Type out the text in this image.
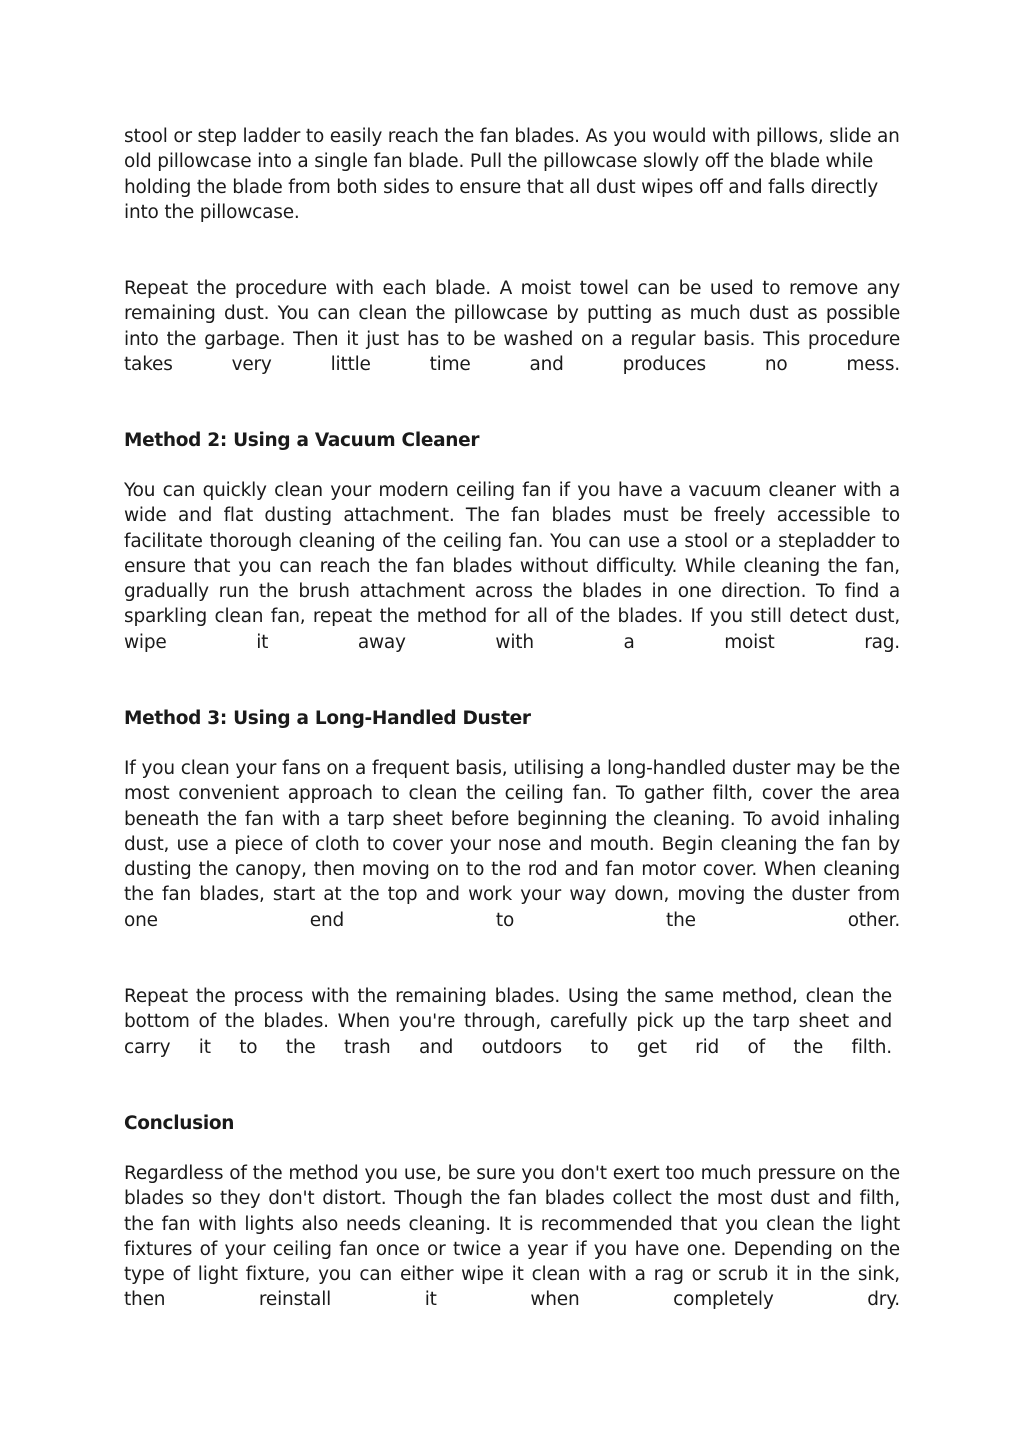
stool or step ladder to easily reach the fan blades. As you would with pillows, slide an old pillowcase into a single fan blade. Pull the pillowcase slowly off the blade while holding the blade from both sides to ensure that all dust wipes off and falls directly into the pillowcase.

Repeat the procedure with each blade. A moist towel can be used to remove any remaining dust. You can clean the pillowcase by putting as much dust as possible into the garbage. Then it just has to be washed on a regular basis. This procedure takes very little time and produces no mess.

Method 2: Using a Vacuum Cleaner

You can quickly clean your modern ceiling fan if you have a vacuum cleaner with a wide and flat dusting attachment. The fan blades must be freely accessible to facilitate thorough cleaning of the ceiling fan. You can use a stool or a stepladder to ensure that you can reach the fan blades without difficulty. While cleaning the fan, gradually run the brush attachment across the blades in one direction. To find a sparkling clean fan, repeat the method for all of the blades. If you still detect dust, wipe it away with a moist rag.

Method 3: Using a Long-Handled Duster

If you clean your fans on a frequent basis, utilising a long-handled duster may be the most convenient approach to clean the ceiling fan. To gather filth, cover the area beneath the fan with a tarp sheet before beginning the cleaning. To avoid inhaling dust, use a piece of cloth to cover your nose and mouth. Begin cleaning the fan by dusting the canopy, then moving on to the rod and fan motor cover. When cleaning the fan blades, start at the top and work your way down, moving the duster from one end to the other.

Repeat the process with the remaining blades. Using the same method, clean the bottom of the blades. When you're through, carefully pick up the tarp sheet and carry it to the trash and outdoors to get rid of the filth.

Conclusion

Regardless of the method you use, be sure you don't exert too much pressure on the blades so they don't distort. Though the fan blades collect the most dust and filth, the fan with lights also needs cleaning. It is recommended that you clean the light fixtures of your ceiling fan once or twice a year if you have one. Depending on the type of light fixture, you can either wipe it clean with a rag or scrub it in the sink, then reinstall it when completely dry.
